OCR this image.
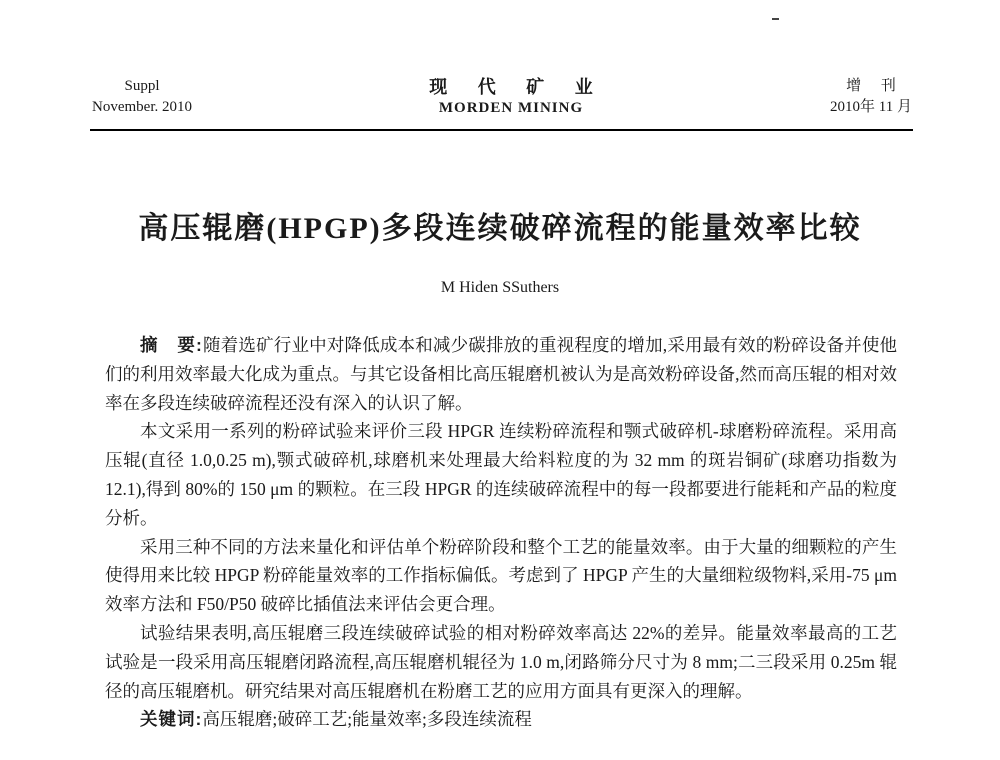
Suppl
November. 2010
现 代 矿 业
MORDEN MINING
增 刊
2010年 11 月
高压辊磨(HPGP)多段连续破碎流程的能量效率比较
M Hiden SSuthers

摘　要:随着选矿行业中对降低成本和减少碳排放的重视程度的增加,采用最有效的粉碎设备并使他们的利用效率最大化成为重点。与其它设备相比高压辊磨机被认为是高效粉碎设备,然而高压辊的相对效率在多段连续破碎流程还没有深入的认识了解。

本文采用一系列的粉碎试验来评价三段 HPGR 连续粉碎流程和颚式破碎机-球磨粉碎流程。采用高压辊(直径 1.0,0.25 m),颚式破碎机,球磨机来处理最大给料粒度的为 32 mm 的斑岩铜矿(球磨功指数为 12.1),得到 80%的 150 μm 的颗粒。在三段 HPGR 的连续破碎流程中的每一段都要进行能耗和产品的粒度分析。

采用三种不同的方法来量化和评估单个粉碎阶段和整个工艺的能量效率。由于大量的细颗粒的产生使得用来比较 HPGP 粉碎能量效率的工作指标偏低。考虑到了 HPGP 产生的大量细粒级物料,采用-75 μm 效率方法和 F50/P50 破碎比插值法来评估会更合理。

试验结果表明,高压辊磨三段连续破碎试验的相对粉碎效率高达 22%的差异。能量效率最高的工艺试验是一段采用高压辊磨闭路流程,高压辊磨机辊径为 1.0 m,闭路筛分尺寸为 8 mm;二三段采用 0.25m 辊径的高压辊磨机。研究结果对高压辊磨机在粉磨工艺的应用方面具有更深入的理解。

关键词:高压辊磨;破碎工艺;能量效率;多段连续流程
